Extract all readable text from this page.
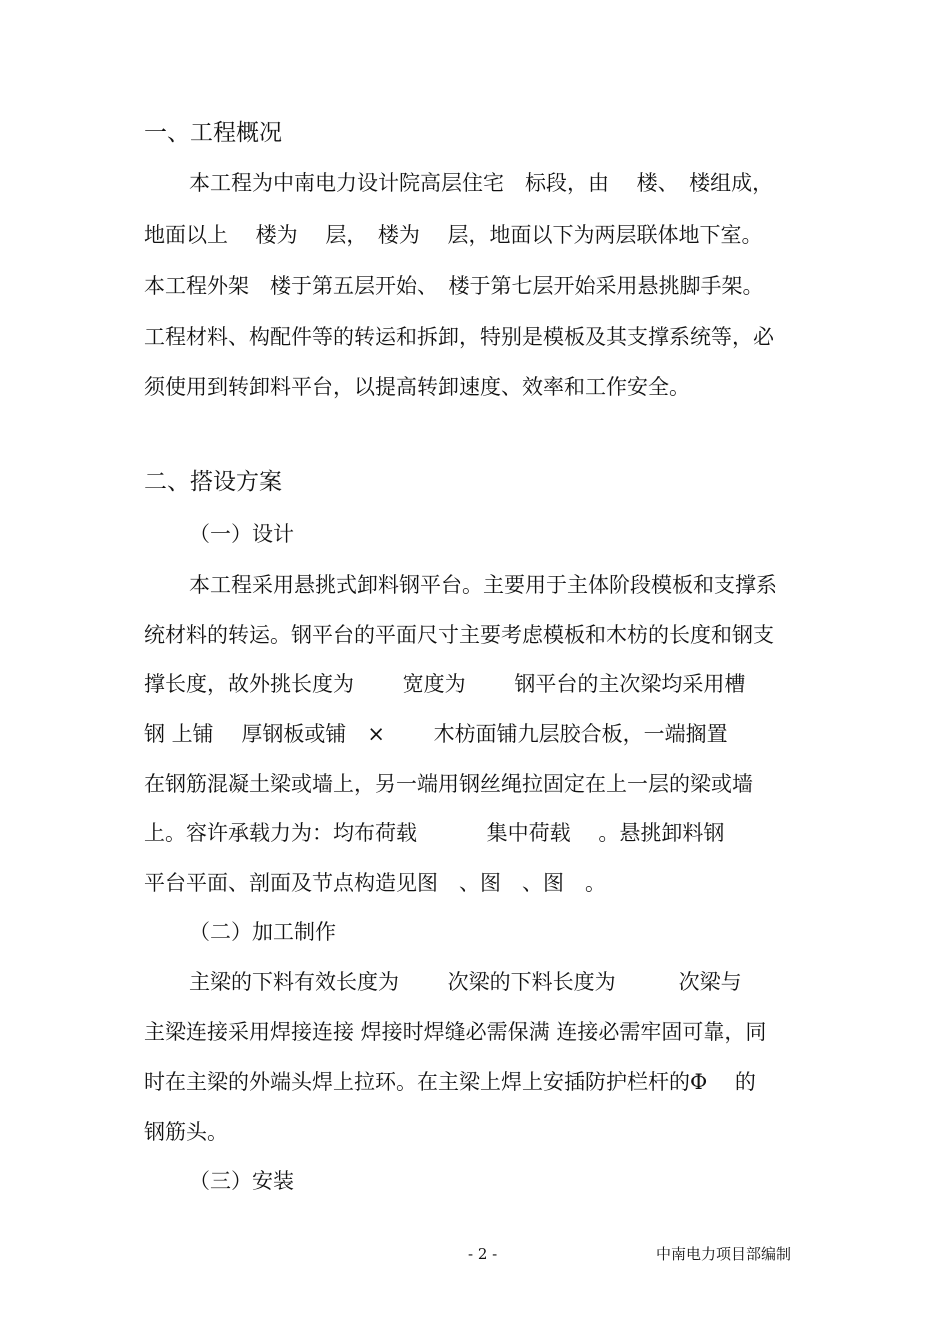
一、工程概况
本工程为中南电力设计院高层住宅　标段，由　 楼、　楼组成，
地面以上　 楼为　 层，　楼为　 层，地面以下为两层联体地下室。
本工程外架　楼于第五层开始、　楼于第七层开始采用悬挑脚手架。
工程材料、构配件等的转运和拆卸，特别是模板及其支撑系统等，必
须使用到转卸料平台，以提高转卸速度、效率和工作安全。
二、搭设方案
（一）设计
本工程采用悬挑式卸料钢平台。主要用于主体阶段模板和支撑系
统材料的转运。钢平台的平面尺寸主要考虑模板和木枋的长度和钢支
撑长度，故外挑长度为　　 宽度为　　 钢平台的主次梁均采用槽
钢 上铺　 厚钢板或铺　×　　 木枋面铺九层胶合板，一端搁置
在钢筋混凝土梁或墙上，另一端用钢丝绳拉固定在上一层的梁或墙
上。容许承载力为：均布荷载　　　 集中荷载　 。悬挑卸料钢
平台平面、剖面及节点构造见图　、图　、图　。
（二）加工制作
主梁的下料有效长度为　　 次梁的下料长度为　　　次梁与
主梁连接采用焊接连接 焊接时焊缝必需保满 连接必需牢固可靠，同
时在主梁的外端头焊上拉环。在主梁上焊上安插防护栏杆的Φ　 的
钢筋头。
（三）安装
- 2 -	中南电力项目部编制
